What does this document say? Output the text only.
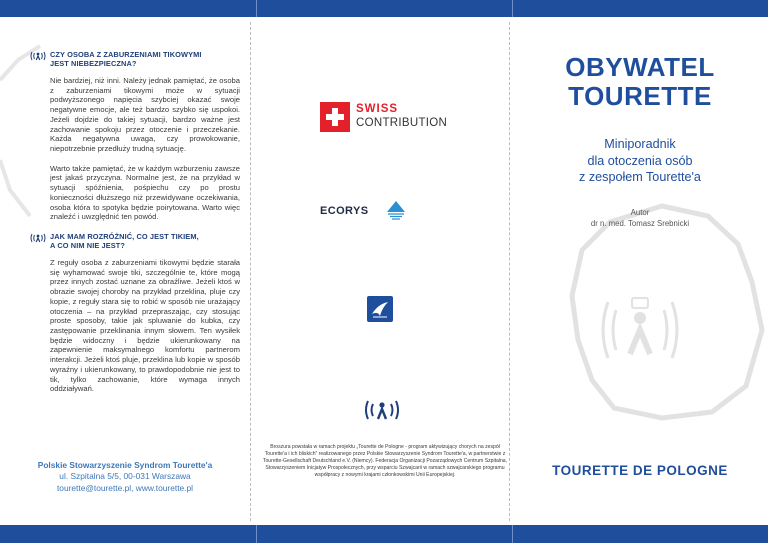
CZY OSOBA Z ZABURZENIAMI TIKOWYMI
JEST NIEBEZPIECZNA?

Nie bardziej, niż inni. Należy jednak pamiętać, że osoba z zaburzeniami tikowymi może w sytuacji podwyższonego napięcia szybciej okazać swoje negatywne emocje, ale też bardzo szybko się uspokoi. Jeżeli dojdzie do takiej sytuacji, bardzo ważne jest zachowanie spokoju przez otoczenie i przeczekanie. Każda negatywna uwaga, czy prowokowanie, niepotrzebnie przedłuży trudną sytuację.

Warto także pamiętać, że w każdym wzburzeniu zawsze jest jakaś przyczyna. Normalne jest, że na przykład w sytuacji spóźnienia, pośpiechu czy po prostu konieczności dłuższego niż przewidywane oczekiwania, osoba która to spotyka będzie poirytowana. Warto więc znaleźć i uwzględnić ten powód.

JAK MAM ROZRÓŻNIĆ, CO JEST TIKIEM,
A CO NIM NIE JEST?

Z reguły osoba z zaburzeniami tikowymi będzie starała się wyhamować swoje tiki, szczególnie te, które mogą przez innych zostać uznane za obraźliwe. Jeżeli ktoś w obrazie swojej choroby na przykład przeklina, pluje czy kopie, z reguły stara się to robić w sposób nie urażający otoczenia – na przykład przepraszając, czy stosując proste sposoby, takie jak spluwanie do kubka, czy zastępowanie przeklinania innym słowem. Ten wysiłek będzie widoczny i będzie ukierunkowany na zapewnienie maksymalnego komfortu partnerom interakcji. Jeżeli ktoś pluje, przeklina lub kopie w sposób wyraźny i ukierunkowany, to prawdopodobnie nie jest to tik, tylko zachowanie, które wymaga innych oddziaływań.

Polskie Stowarzyszenie Syndrom Tourette'a
ul. Szpitalna 5/5, 00-031 Warszawa
tourette@tourette.pl, www.tourette.pl
SWISS
CONTRIBUTION
ECORYS
Broszura powstała w ramach projektu „Tourette de Pologne - program aktywizujący chorych na zespół Tourette'a i ich bliskich” realizowanego przez Polskie Stowarzyszenie Syndrom Tourette'a, w partnerstwie z Tourette-Gesellschaft Deutschland e.V. (Niemcy). Federacja Organizacji Pozarządowych Centrum Szpitalna, Stowarzyszeniem Inicjatyw Prospołecznych, przy wsparciu Szwajcarii w ramach szwajcarskiego programu współpracy z nowymi krajami członkowskimi Unii Europejskiej.
OBYWATEL
TOURETTE
Miniporadnik
dla otoczenia osób
z zespołem Tourette'a
Autor
dr n. med. Tomasz Srebnicki
TOURETTE DE POLOGNE
